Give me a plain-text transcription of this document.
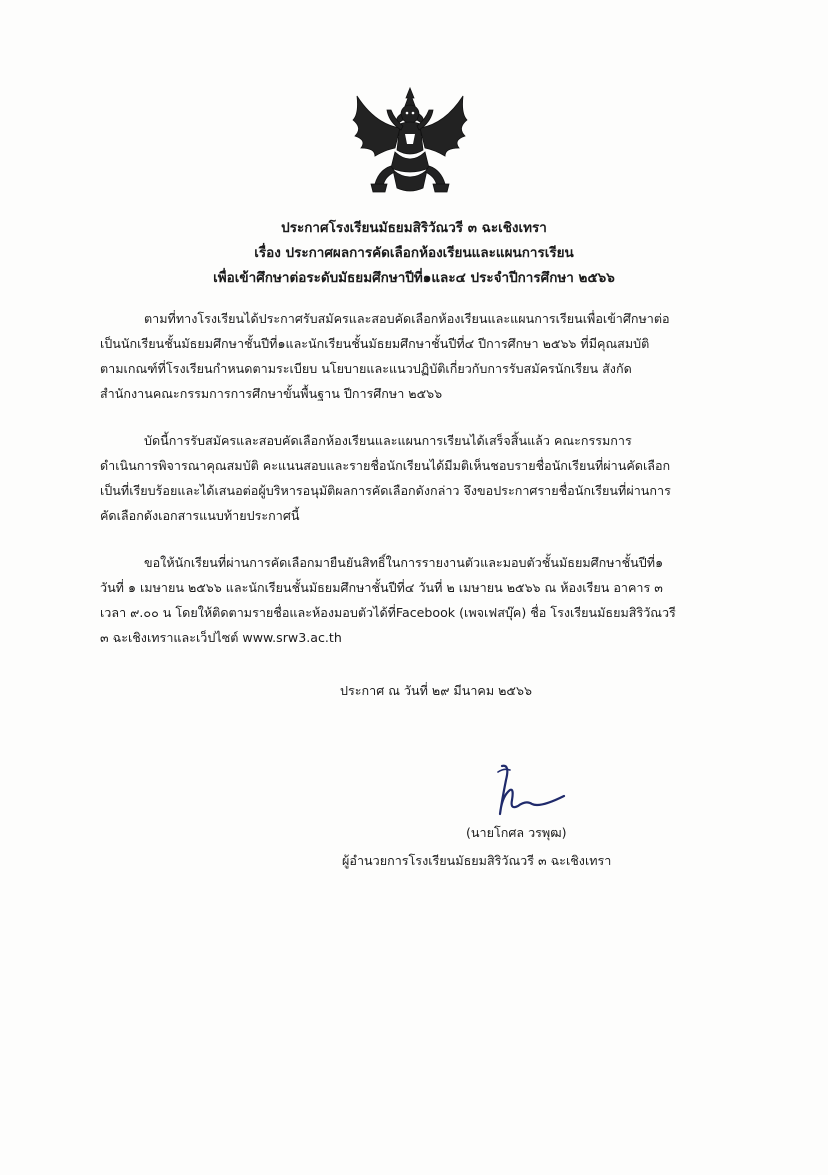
ประกาศโรงเรียนมัธยมสิริวัณวรี ๓ ฉะเชิงเทรา
เรื่อง ประกาศผลการคัดเลือกห้องเรียนและแผนการเรียน
เพื่อเข้าศึกษาต่อระดับมัธยมศึกษาปีที่๑และ๔ ประจำปีการศึกษา ๒๕๖๖
ตามที่ทางโรงเรียนได้ประกาศรับสมัครและสอบคัดเลือกห้องเรียนและแผนการเรียนเพื่อเข้าศึกษาต่อ
เป็นนักเรียนชั้นมัธยมศึกษาชั้นปีที่๑และนักเรียนชั้นมัธยมศึกษาชั้นปีที่๔ ปีการศึกษา ๒๕๖๖ ที่มีคุณสมบัติ
ตามเกณฑ์ที่โรงเรียนกำหนดตามระเบียบ นโยบายและแนวปฏิบัติเกี่ยวกับการรับสมัครนักเรียน สังกัด
สำนักงานคณะกรรมการการศึกษาขั้นพื้นฐาน ปีการศึกษา ๒๕๖๖
บัดนี้การรับสมัครและสอบคัดเลือกห้องเรียนและแผนการเรียนได้เสร็จสิ้นแล้ว คณะกรรมการ
ดำเนินการพิจารณาคุณสมบัติ คะแนนสอบและรายชื่อนักเรียนได้มีมติเห็นชอบรายชื่อนักเรียนที่ผ่านคัดเลือก
เป็นที่เรียบร้อยและได้เสนอต่อผู้บริหารอนุมัติผลการคัดเลือกดังกล่าว จึงขอประกาศรายชื่อนักเรียนที่ผ่านการ
คัดเลือกดังเอกสารแนบท้ายประกาศนี้
ขอให้นักเรียนที่ผ่านการคัดเลือกมายืนยันสิทธิ์ในการรายงานตัวและมอบตัวชั้นมัธยมศึกษาชั้นปีที่๑
วันที่ ๑ เมษายน ๒๕๖๖ และนักเรียนชั้นมัธยมศึกษาชั้นปีที่๔ วันที่ ๒ เมษายน ๒๕๖๖ ณ ห้องเรียน อาคาร ๓
เวลา ๙.๐๐ น โดยให้ติดตามรายชื่อและห้องมอบตัวได้ที่Facebook (เพจเฟสบุ๊ค) ชื่อ โรงเรียนมัธยมสิริวัณวรี
๓ ฉะเชิงเทราและเว็ปไซต์ www.srw3.ac.th
ประกาศ ณ วันที่ ๒๙ มีนาคม ๒๕๖๖
(นายโกศล วรพุฒ)
ผู้อำนวยการโรงเรียนมัธยมสิริวัณวรี ๓ ฉะเชิงเทรา
